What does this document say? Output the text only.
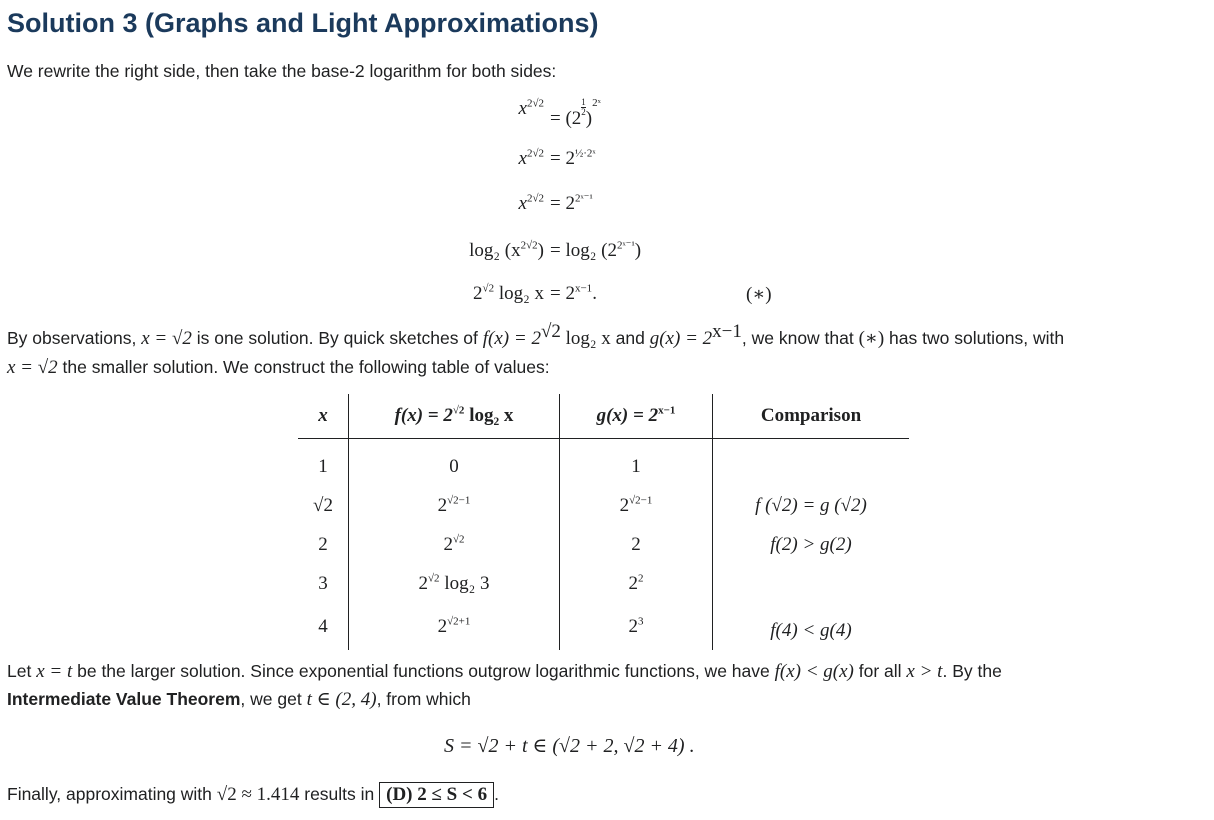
Solution 3 (Graphs and Light Approximations)
We rewrite the right side, then take the base-2 logarithm for both sides:
$x^{2√2}$
= (2
$\frac{1}{2}$
)$^{2ˣ}$
$x^{2√2} = 2^{\frac{1}{2}\cdot 2ˣ}$
$x^{2√2} = 2^{2ˣ^{-1}}$
log₂ $(x^{2√2}) = \log_2$ $(2^{2ˣ^{-1}})$
$2^{√2}$ log₂ $x = 2^{x-1}$.	(∗)
By observations, x = √2 is one solution. By quick sketches of $f(x) = 2^{√2}$ log₂ x and $g(x) = 2^{x-1}$, we know that (∗) has two solutions, with
x = √2 the smaller solution. We construct the following table of values:
x	$f(x) = 2^{√2}$ log₂ x	$g(x) = 2^{x-1}$	Comparison
1	0	1	
√2	$2^{√2-1}$	$2^{√2-1}$	f (√2) = g (√2)
2	$2^{√2}$	2	f(2) > g(2)
3	$2^{√2}$ log₂ 3	$2^2$	
4	$2^{√2+1}$	$2^3$	f(4) < g(4)
Let x = t be the larger solution. Since exponential functions outgrow logarithmic functions, we have f(x) < g(x) for all x > t. By the
Intermediate Value Theorem, we get t ∈ (2, 4), from which
S = √2 + t ∈ (√2 + 2, √2 + 4) .
Finally, approximating with √2 ≈ 1.414 results in (D) 2 ≤ S < 6 .
